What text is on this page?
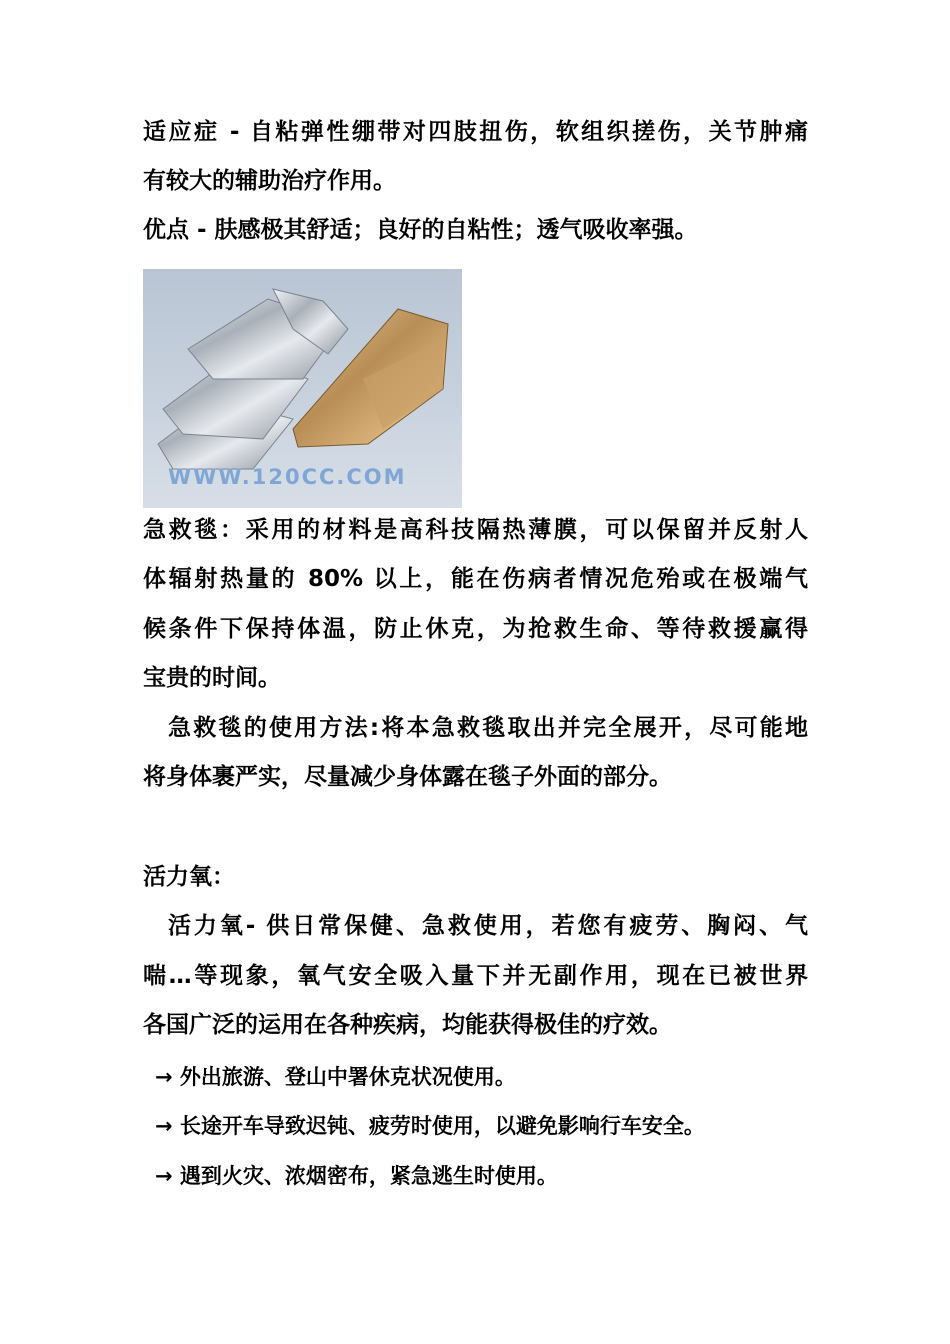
适应症 - 自粘弹性绷带对四肢扭伤，软组织搓伤，关节肿痛
有较大的辅助治疗作用。
优点 - 肤感极其舒适；良好的自粘性；透气吸收率强。
WWW.120CC.COM
急救毯：采用的材料是高科技隔热薄膜，可以保留并反射人
体辐射热量的 80% 以上，能在伤病者情况危殆或在极端气
候条件下保持体温，防止休克，为抢救生命、等待救援赢得
宝贵的时间。
急救毯的使用方法:将本急救毯取出并完全展开，尽可能地
将身体裹严实，尽量减少身体露在毯子外面的部分。
活力氧：
活力氧- 供日常保健、急救使用，若您有疲劳、胸闷、气
喘…等现象，氧气安全吸入量下并无副作用，现在已被世界
各国广泛的运用在各种疾病，均能获得极佳的疗效。
→ 外出旅游、登山中署休克状况使用。
→ 长途开车导致迟钝、疲劳时使用，以避免影响行车安全。
→ 遇到火灾、浓烟密布，紧急逃生时使用。
